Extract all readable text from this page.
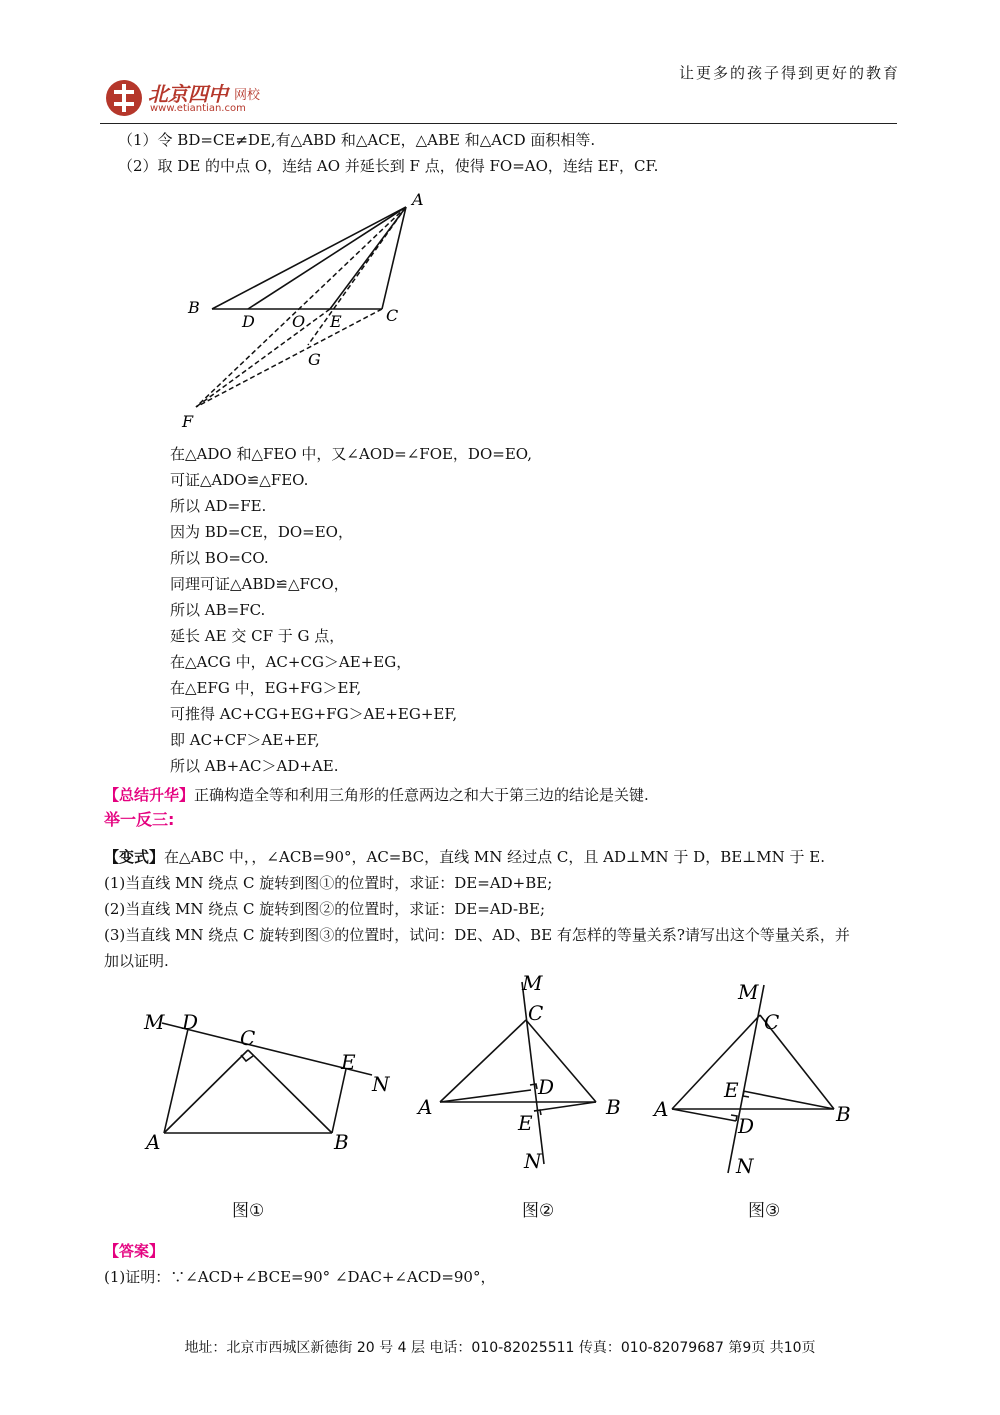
北京四中 网校
www.etiantian.com
让更多的孩子得到更好的教育
（1）令 BD=CE≠DE,有△ABD 和△ACE，△ABE 和△ACD 面积相等.
（2）取 DE 的中点 O，连结 AO 并延长到 F 点，使得 FO=AO，连结 EF，CF.
A
B	C
D O E
G
F
在△ADO 和△FEO 中，又∠AOD=∠FOE，DO=EO,
可证△ADO≌△FEO.
所以 AD=FE.
因为 BD=CE，DO=EO，
所以 BO=CO.
同理可证△ABD≌△FCO，
所以 AB=FC.
延长 AE 交 CF 于 G 点，
在△ACG 中，AC+CG＞AE+EG，
在△EFG 中，EG+FG＞EF,
可推得 AC+CG+EG+FG＞AE+EG+EF,
即 AC+CF＞AE+EF,
所以 AB+AC＞AD+AE.
【总结升华】正确构造全等和利用三角形的任意两边之和大于第三边的结论是关键.
举一反三:
【变式】在△ABC 中，，∠ACB=90°，AC=BC，直线 MN 经过点 C，且 AD⊥MN 于 D，BE⊥MN 于 E.
(1)当直线 MN 绕点 C 旋转到图①的位置时，求证：DE=AD+BE;
(2)当直线 MN 绕点 C 旋转到图②的位置时，求证：DE=AD-BE;
(3)当直线 MN 绕点 C 旋转到图③的位置时，试问：DE、AD、BE 有怎样的等量关系?请写出这个等量关系，并
加以证明.
M D
C
E
N
A	B
图①
M
C
D
A	B
E
N
图②
M
C
E
A	B
D
N
图③
【答案】
(1)证明：∵∠ACD+∠BCE=90° ∠DAC+∠ACD=90°，
地址：北京市西城区新德街 20 号 4 层 电话：010-82025511 传真：010-82079687 第9页 共10页
